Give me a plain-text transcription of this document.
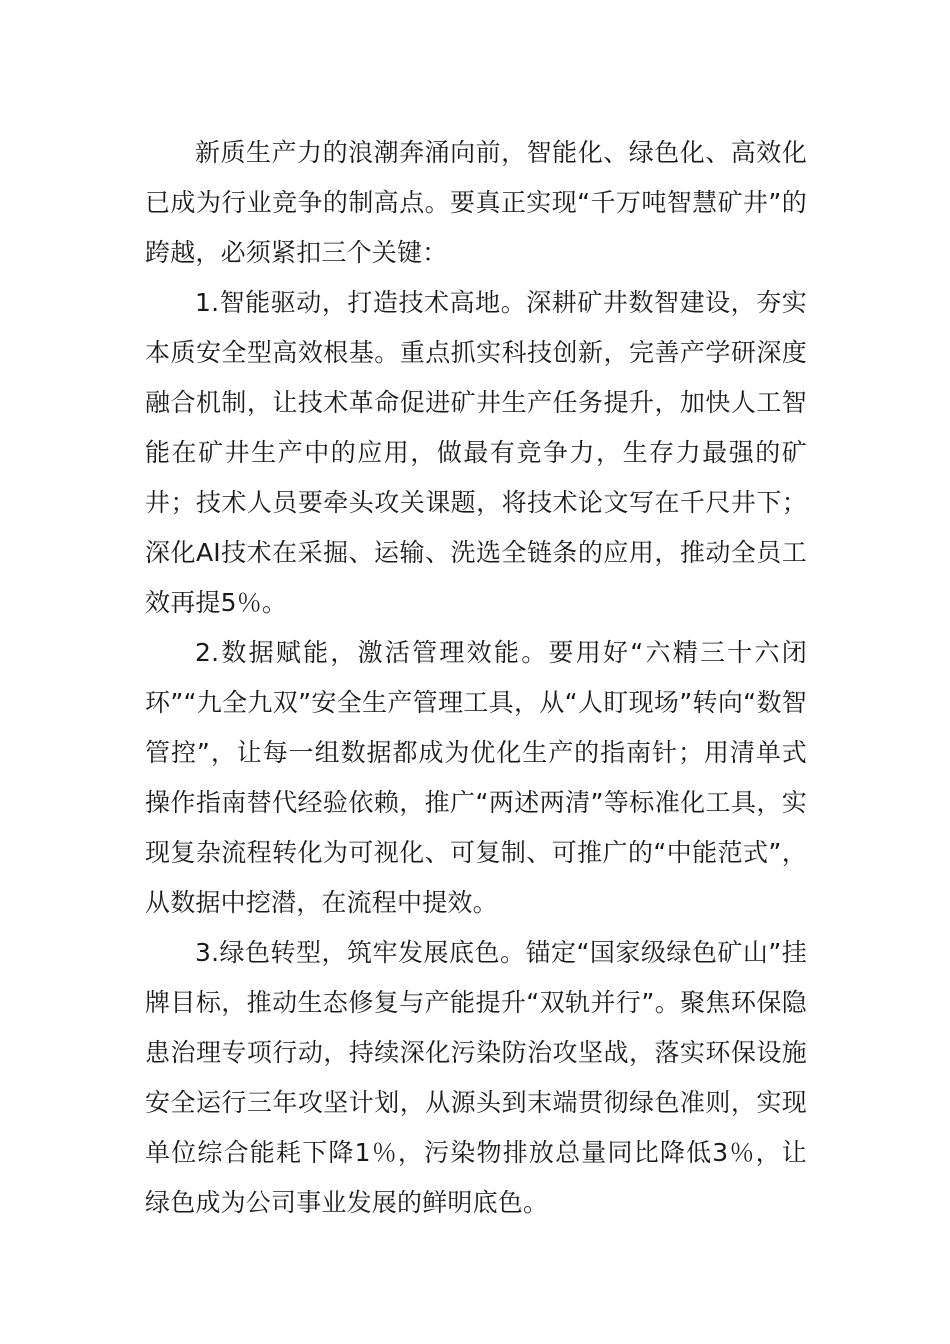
新质生产力的浪潮奔涌向前，智能化、绿色化、高效化已成为行业竞争的制高点。要真正实现“千万吨智慧矿井”的跨越，必须紧扣三个关键：

1.智能驱动，打造技术高地。深耕矿井数智建设，夯实本质安全型高效根基。重点抓实科技创新，完善产学研深度融合机制，让技术革命促进矿井生产任务提升，加快人工智能在矿井生产中的应用，做最有竞争力，生存力最强的矿井；技术人员要牵头攻关课题，将技术论文写在千尺井下；深化AI技术在采掘、运输、洗选全链条的应用，推动全员工效再提5％。

2.数据赋能，激活管理效能。要用好“六精三十六闭环”“九全九双”安全生产管理工具，从“人盯现场”转向“数智管控”，让每一组数据都成为优化生产的指南针；用清单式操作指南替代经验依赖，推广“两述两清”等标准化工具，实现复杂流程转化为可视化、可复制、可推广的“中能范式”，从数据中挖潜，在流程中提效。

3.绿色转型，筑牢发展底色。锚定“国家级绿色矿山”挂牌目标，推动生态修复与产能提升“双轨并行”。聚焦环保隐患治理专项行动，持续深化污染防治攻坚战，落实环保设施安全运行三年攻坚计划，从源头到末端贯彻绿色准则，实现单位综合能耗下降1％，污染物排放总量同比降低3％，让绿色成为公司事业发展的鲜明底色。
